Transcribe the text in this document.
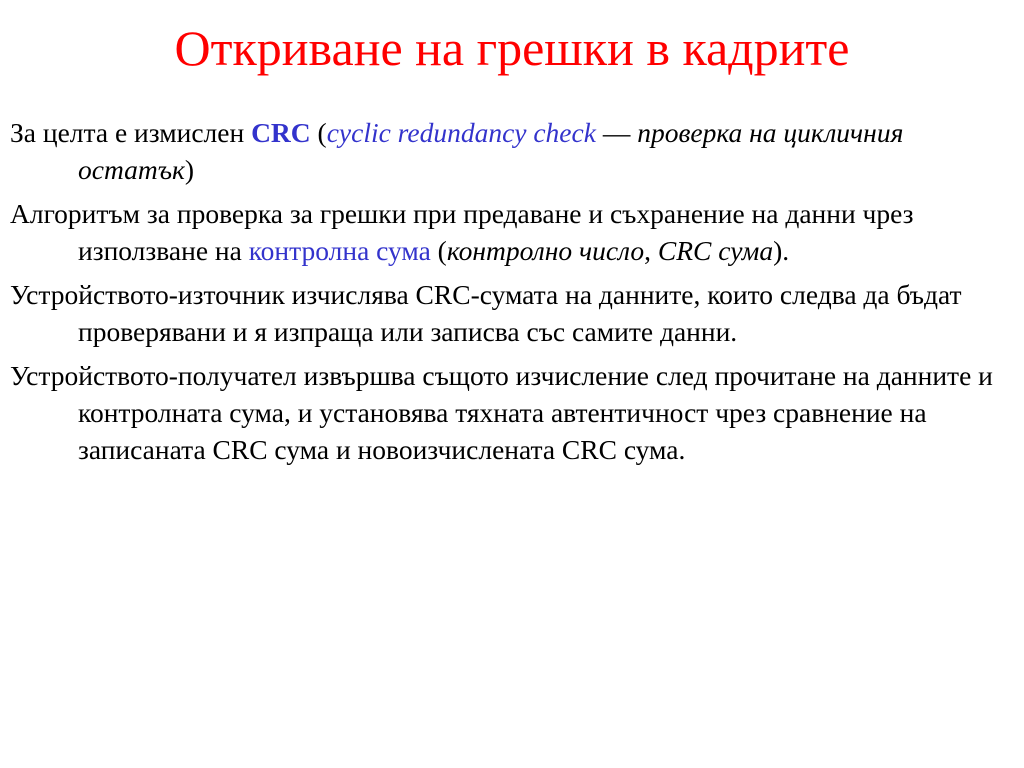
Откриване на грешки в кадрите

За целта е измислен CRC (cyclic redundancy check — проверка на цикличния остатък)

Алгоритъм за проверка за грешки при предаване и съхранение на данни чрез използване на контролна сума (контролно число, CRC сума).

Устройството-източник изчислява CRC-сумата на данните, които следва да бъдат проверявани и я изпраща или записва със самите данни.

Устройството-получател извършва същото изчисление след прочитане на данните и контролната сума, и установява тяхната автентичност чрез сравнение на записаната CRC сума и новоизчислената CRC сума.
